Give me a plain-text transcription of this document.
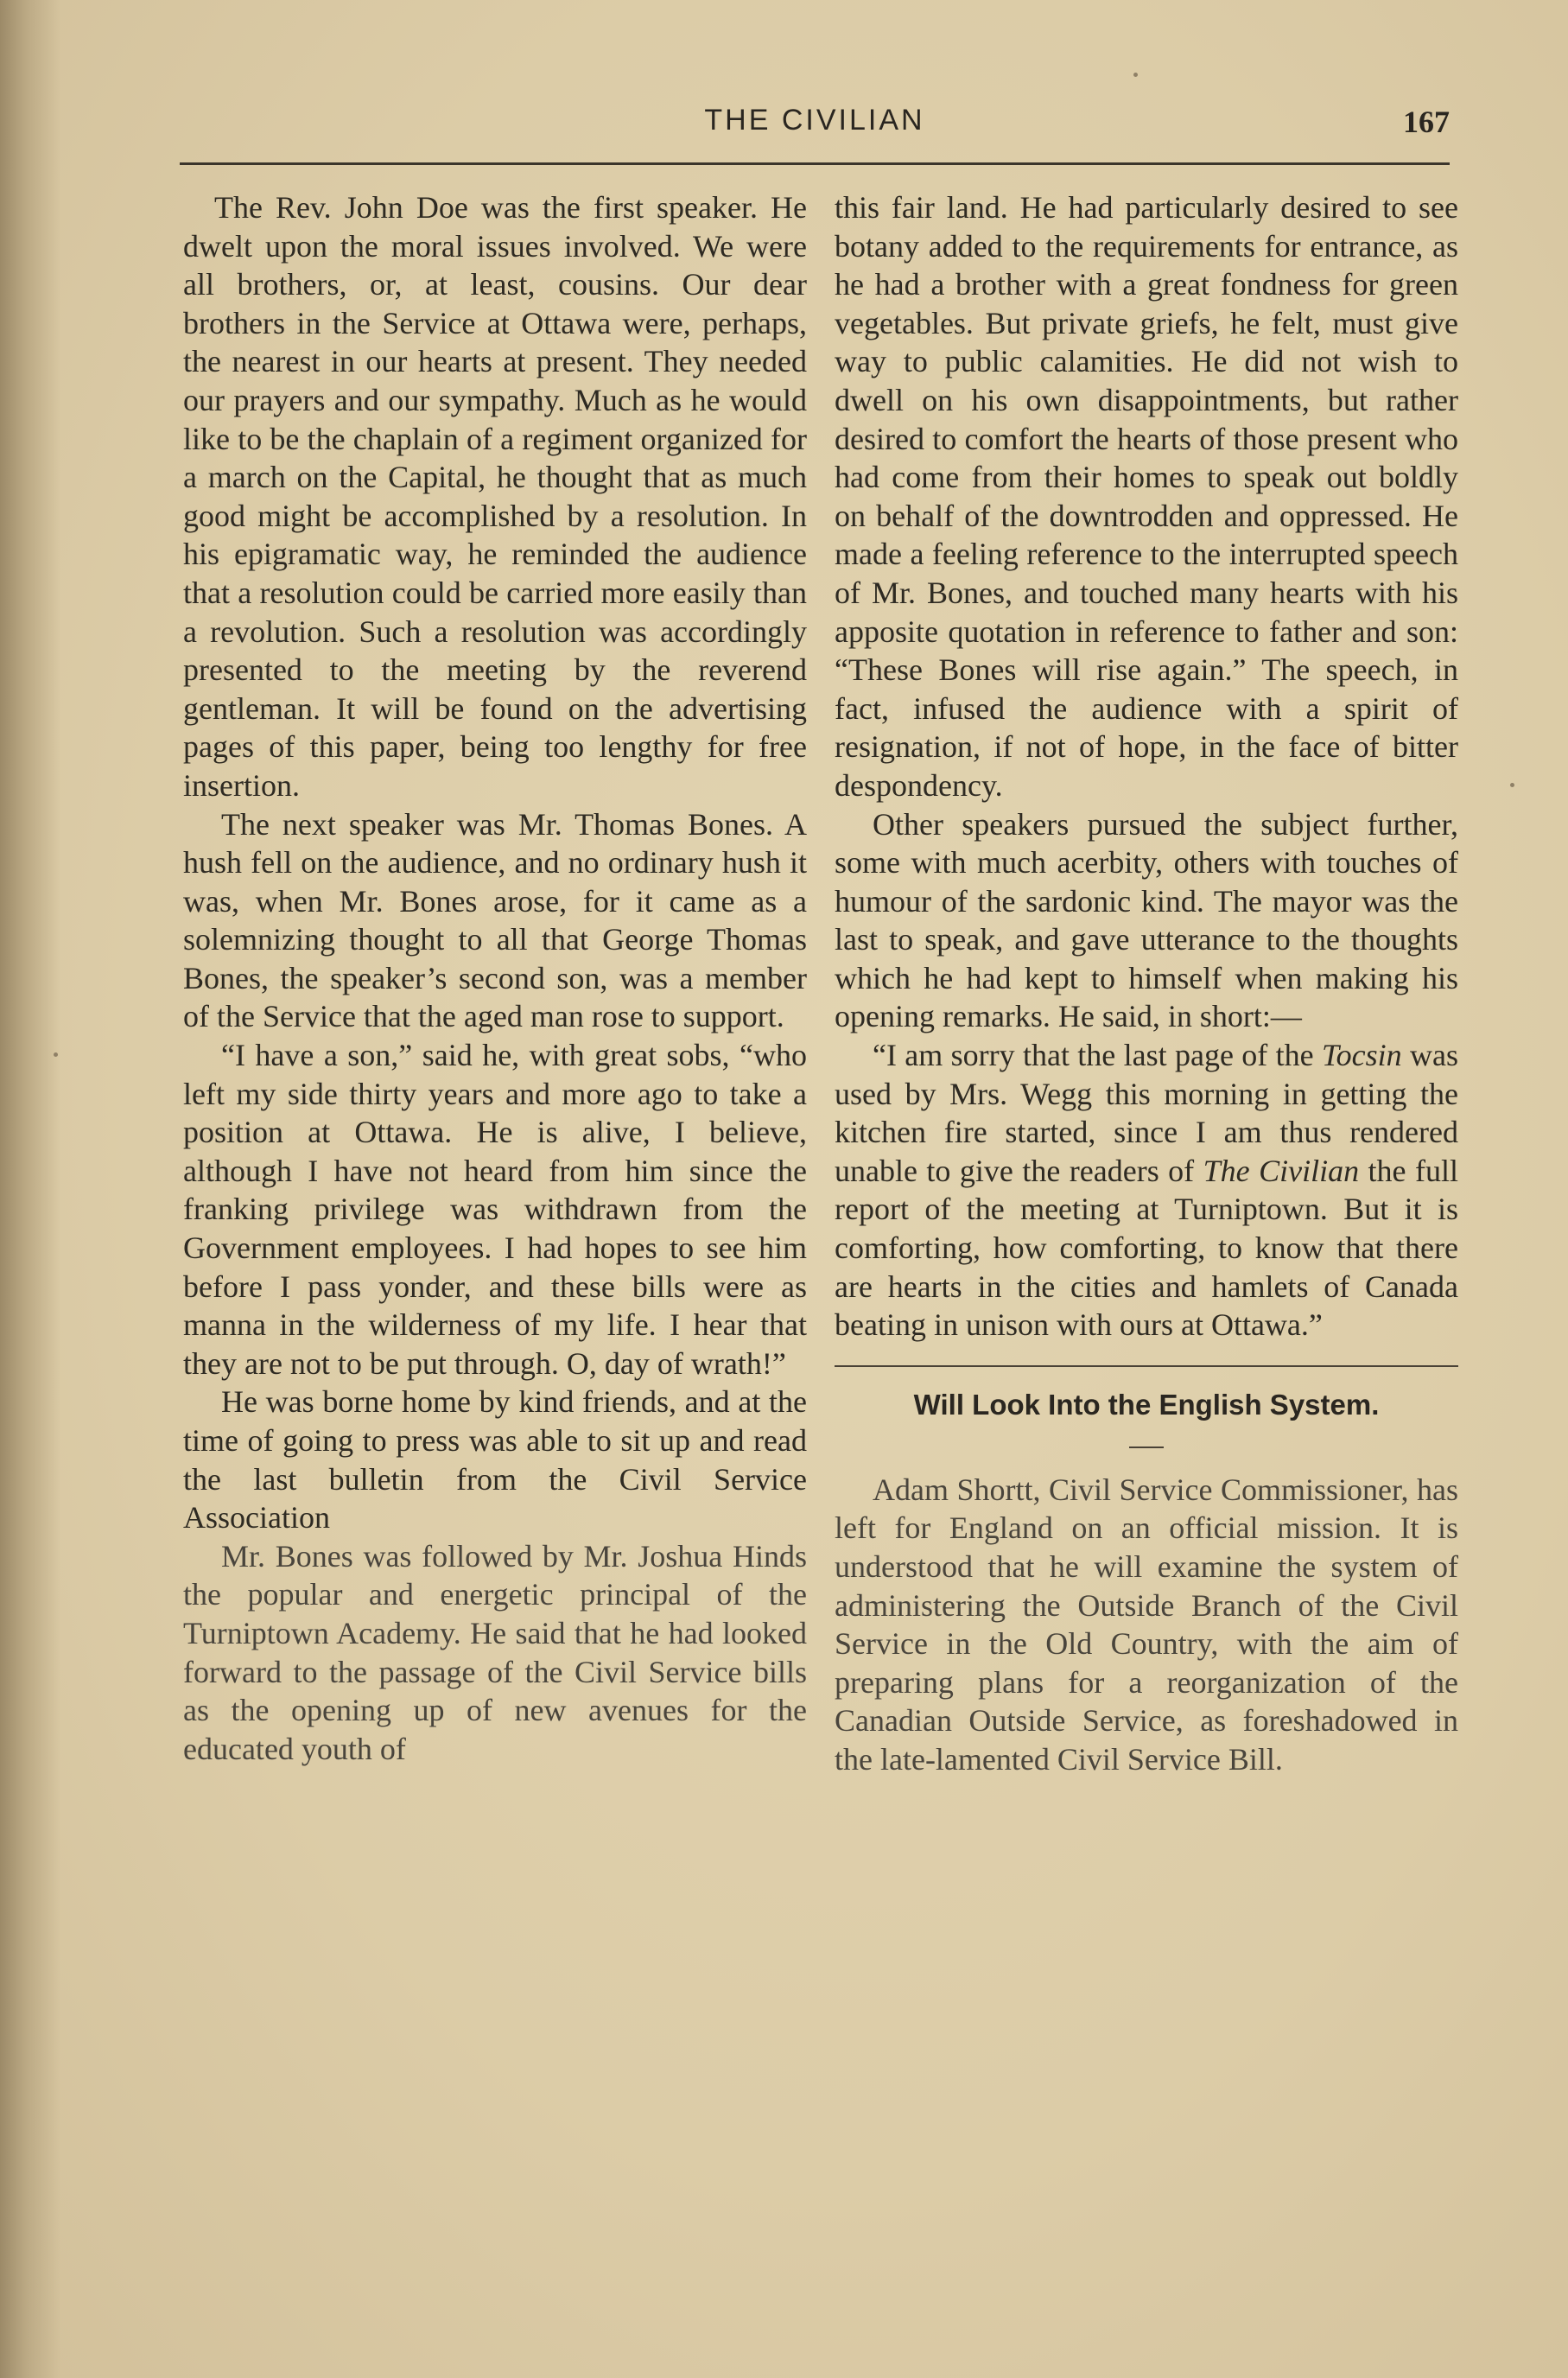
THE CIVILIAN	167

The Rev. John Doe was the first speaker. He dwelt upon the moral issues involved. We were all brothers, or, at least, cousins. Our dear brothers in the Service at Ottawa were, perhaps, the nearest in our hearts at present. They needed our prayers and our sympathy. Much as he would like to be the chaplain of a regiment organized for a march on the Capital, he thought that as much good might be accomplished by a resolution. In his epigramatic way, he reminded the audience that a resolution could be carried more easily than a revolution. Such a resolution was accordingly presented to the meeting by the reverend gentleman. It will be found on the advertising pages of this paper, being too lengthy for free insertion.

The next speaker was Mr. Thomas Bones. A hush fell on the audience, and no ordinary hush it was, when Mr. Bones arose, for it came as a solemnizing thought to all that George Thomas Bones, the speaker’s second son, was a member of the Service that the aged man rose to support.

“I have a son,” said he, with great sobs, “who left my side thirty years and more ago to take a position at Ottawa. He is alive, I believe, although I have not heard from him since the franking privilege was withdrawn from the Government employees. I had hopes to see him before I pass yonder, and these bills were as manna in the wilderness of my life. I hear that they are not to be put through. O, day of wrath!”

He was borne home by kind friends, and at the time of going to press was able to sit up and read the last bulletin from the Civil Service Association

Mr. Bones was followed by Mr. Joshua Hinds the popular and energetic principal of the Turniptown Academy. He said that he had looked forward to the passage of the Civil Service bills as the opening up of new avenues for the educated youth of

this fair land. He had particularly desired to see botany added to the requirements for entrance, as he had a brother with a great fondness for green vegetables. But private griefs, he felt, must give way to public calamities. He did not wish to dwell on his own disappointments, but rather desired to comfort the hearts of those present who had come from their homes to speak out boldly on behalf of the downtrodden and oppressed. He made a feeling reference to the interrupted speech of Mr. Bones, and touched many hearts with his apposite quotation in reference to father and son: “These Bones will rise again.” The speech, in fact, infused the audience with a spirit of resignation, if not of hope, in the face of bitter despondency.

Other speakers pursued the subject further, some with much acerbity, others with touches of humour of the sardonic kind. The mayor was the last to speak, and gave utterance to the thoughts which he had kept to himself when making his opening remarks. He said, in short:—

“I am sorry that the last page of the Tocsin was used by Mrs. Wegg this morning in getting the kitchen fire started, since I am thus rendered unable to give the readers of The Civilian the full report of the meeting at Turniptown. But it is comforting, how comforting, to know that there are hearts in the cities and hamlets of Canada beating in unison with ours at Ottawa.”

Will Look Into the English System.

Adam Shortt, Civil Service Commissioner, has left for England on an official mission. It is understood that he will examine the system of administering the Outside Branch of the Civil Service in the Old Country, with the aim of preparing plans for a reorganization of the Canadian Outside Service, as foreshadowed in the late-lamented Civil Service Bill.
